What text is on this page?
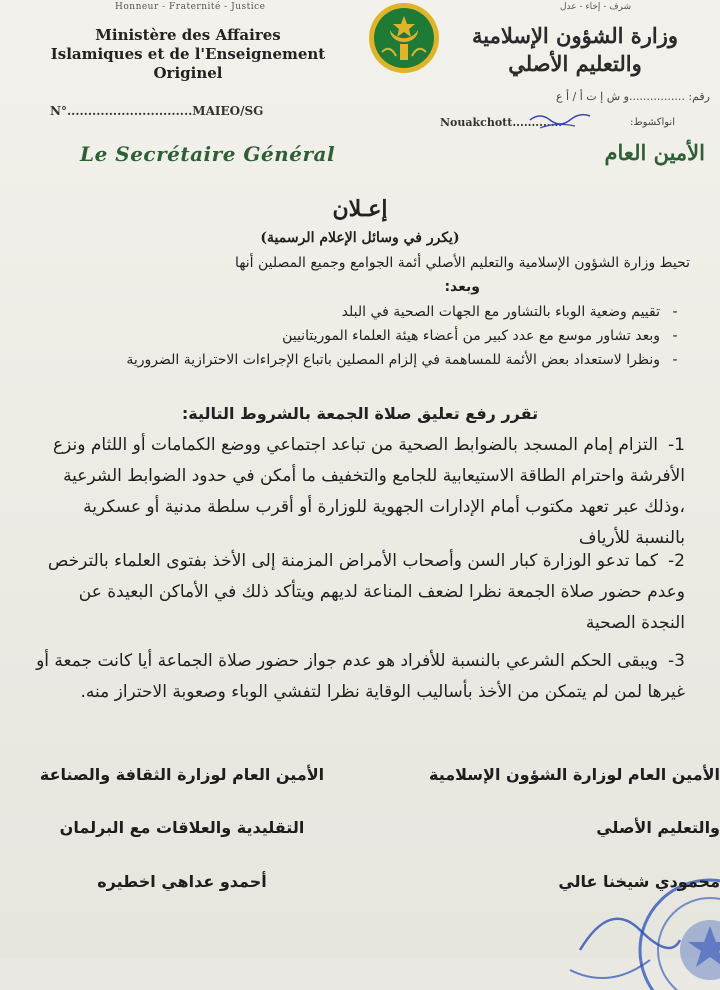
Honneur - Fraternité - Justice	شرف - إخاء - عدل
Ministère des Affaires
Islamiques et de l'Enseignement
Originel
وزارة الشؤون الإسلامية
والتعليم الأصلي
N°..............................MAIEO/SG
رقم: ................و ش إ ت أ / أ ع
Nouakchott.............	انواكشوط:
Le Secrétaire Général	الأمين العام
إعـلان
(يكرر في وسائل الإعلام الرسمية)
تحيط وزارة الشؤون الإسلامية والتعليم الأصلي أئمة الجوامع وجميع المصلين أنها
وبعد:
-تقييم وضعية الوباء بالتشاور مع الجهات الصحية في البلد
-وبعد تشاور موسع مع عدد كبير من أعضاء هيئة العلماء الموريتانيين
-ونظرا لاستعداد بعض الأئمة للمساهمة في إلزام المصلين باتباع الإجراءات الاحترازية الضرورية
تقرر رفع تعليق صلاة الجمعة بالشروط التالية:
1-التزام إمام المسجد بالضوابط الصحية من تباعد اجتماعي ووضع الكمامات أو اللثام ونزع الأفرشة واحترام الطاقة الاستيعابية للجامع والتخفيف ما أمكن في حدود الضوابط الشرعية ،وذلك عبر تعهد مكتوب أمام الإدارات الجهوية للوزارة أو أقرب سلطة مدنية أو عسكرية بالنسبة للأرياف
2-كما تدعو الوزارة كبار السن وأصحاب الأمراض المزمنة إلى الأخذ بفتوى العلماء بالترخص وعدم حضور صلاة الجمعة نظرا لضعف المناعة لديهم ويتأكد ذلك في الأماكن البعيدة عن النجدة الصحية
3-ويبقى الحكم الشرعي بالنسبة للأفراد هو عدم جواز حضور صلاة الجماعة أيا كانت جمعة أو غيرها لمن لم يتمكن من الأخذ بأساليب الوقاية نظرا لتفشي الوباء وصعوبة الاحتراز منه.
الأمين العام لوزارة الثقافة والصناعة
التقليدية والعلاقات مع البرلمان
أحمدو عداهي اخطيره
الأمين العام لوزارة الشؤون الإسلامية
والتعليم الأصلي
محمودي شيخنا عالي
